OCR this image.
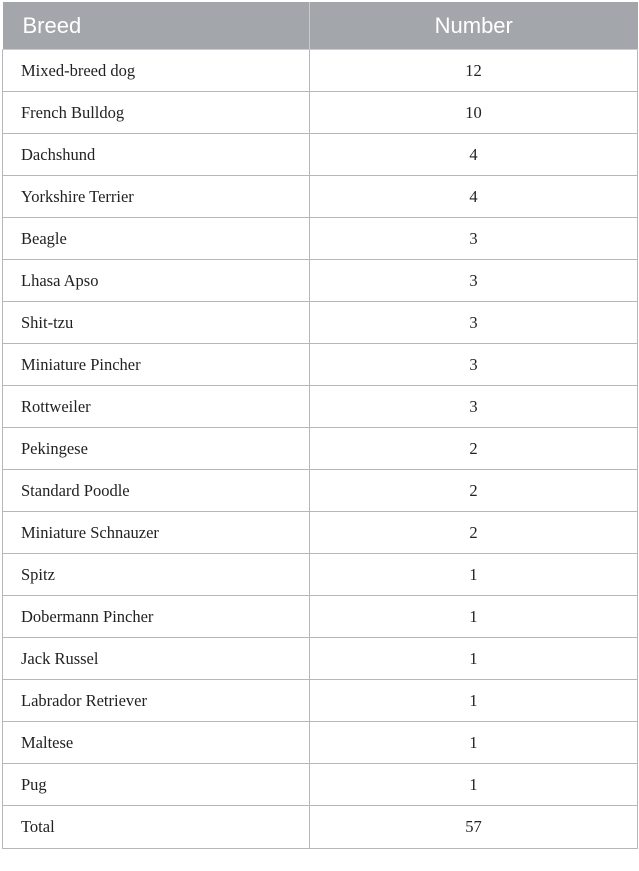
Breed	Number
Mixed-breed dog	12
French Bulldog	10
Dachshund	4
Yorkshire Terrier	4
Beagle	3
Lhasa Apso	3
Shit-tzu	3
Miniature Pincher	3
Rottweiler	3
Pekingese	2
Standard Poodle	2
Miniature Schnauzer	2
Spitz	1
Dobermann Pincher	1
Jack Russel	1
Labrador Retriever	1
Maltese	1
Pug	1
Total	57
